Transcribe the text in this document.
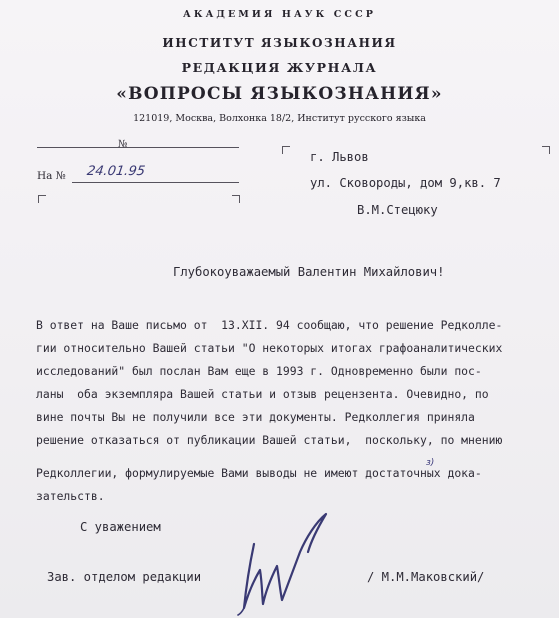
АКАДЕМИЯ НАУК СССР
ИНСТИТУТ ЯЗЫКОЗНАНИЯ
РЕДАКЦИЯ ЖУРНАЛА
«ВОПРОСЫ ЯЗЫКОЗНАНИЯ»
121019, Москва, Волхонка 18/2, Институт русского языка
№
На № 24.01.95
г. Львов
ул. Сковороды, дом 9,кв. 7
В.М.Стецюку
Глубокоуважаемый Валентин Михайлович!
В ответ на Ваше письмо от  13.XII. 94 сообщаю, что решение Редколле-
гии относительно Вашей статьи "О некоторых итогах графоаналитических
исследований" был послан Вам еще в 1993 г. Одновременно были пос-
ланы  оба экземпляра Вашей статьи и отзыв рецензента. Очевидно, по
вине почты Вы не получили все эти документы. Редколлегия приняла
решение отказаться от публикации Вашей статьи,  поскольку, по мнению
Редколлегии, формулируемые Вами выводы не имеют доcтаточных дока-
зательств.
з)
С уважением
Зав. отделом редакции	/ М.М.Маковский/
